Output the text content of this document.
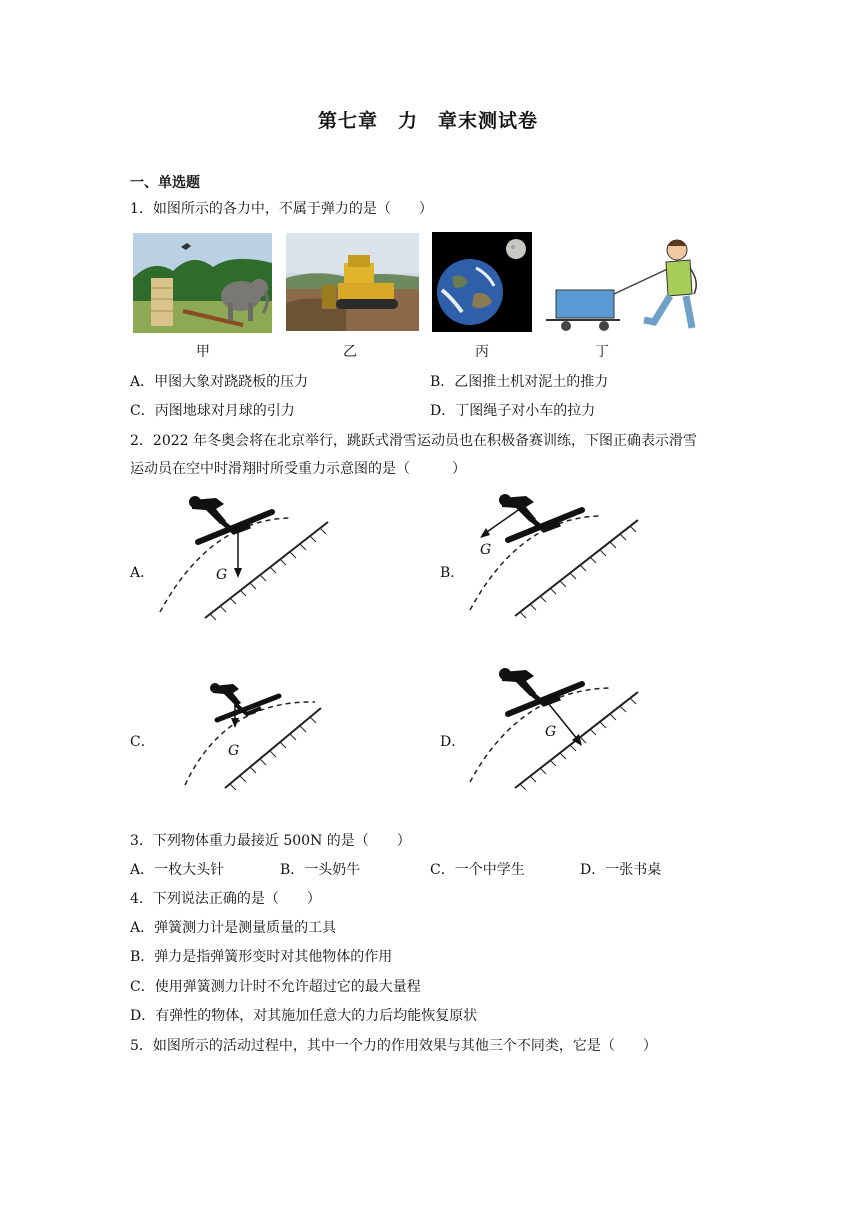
第七章　力　章末测试卷
一、单选题
1．如图所示的各力中，不属于弹力的是（　　）
甲	乙	丙	丁
A．甲图大象对跷跷板的压力	B．乙图推土机对泥土的推力
C．丙图地球对月球的引力	D．丁图绳子对小车的拉力
2．2022 年冬奥会将在北京举行，跳跃式滑雪运动员也在积极备赛训练，下图正确表示滑雪
运动员在空中时滑翔时所受重力示意图的是（　　　）
A．	G	B．
G
C．
G
D．
G
3．下列物体重力最接近 500N 的是（　　）
A．一枚大头针	B．一头奶牛	C．一个中学生	D．一张书桌
4．下列说法正确的是（　　）
A．弹簧测力计是测量质量的工具
B．弹力是指弹簧形变时对其他物体的作用
C．使用弹簧测力计时不允许超过它的最大量程
D．有弹性的物体，对其施加任意大的力后均能恢复原状
5．如图所示的活动过程中，其中一个力的作用效果与其他三个不同类，它是（　　）
